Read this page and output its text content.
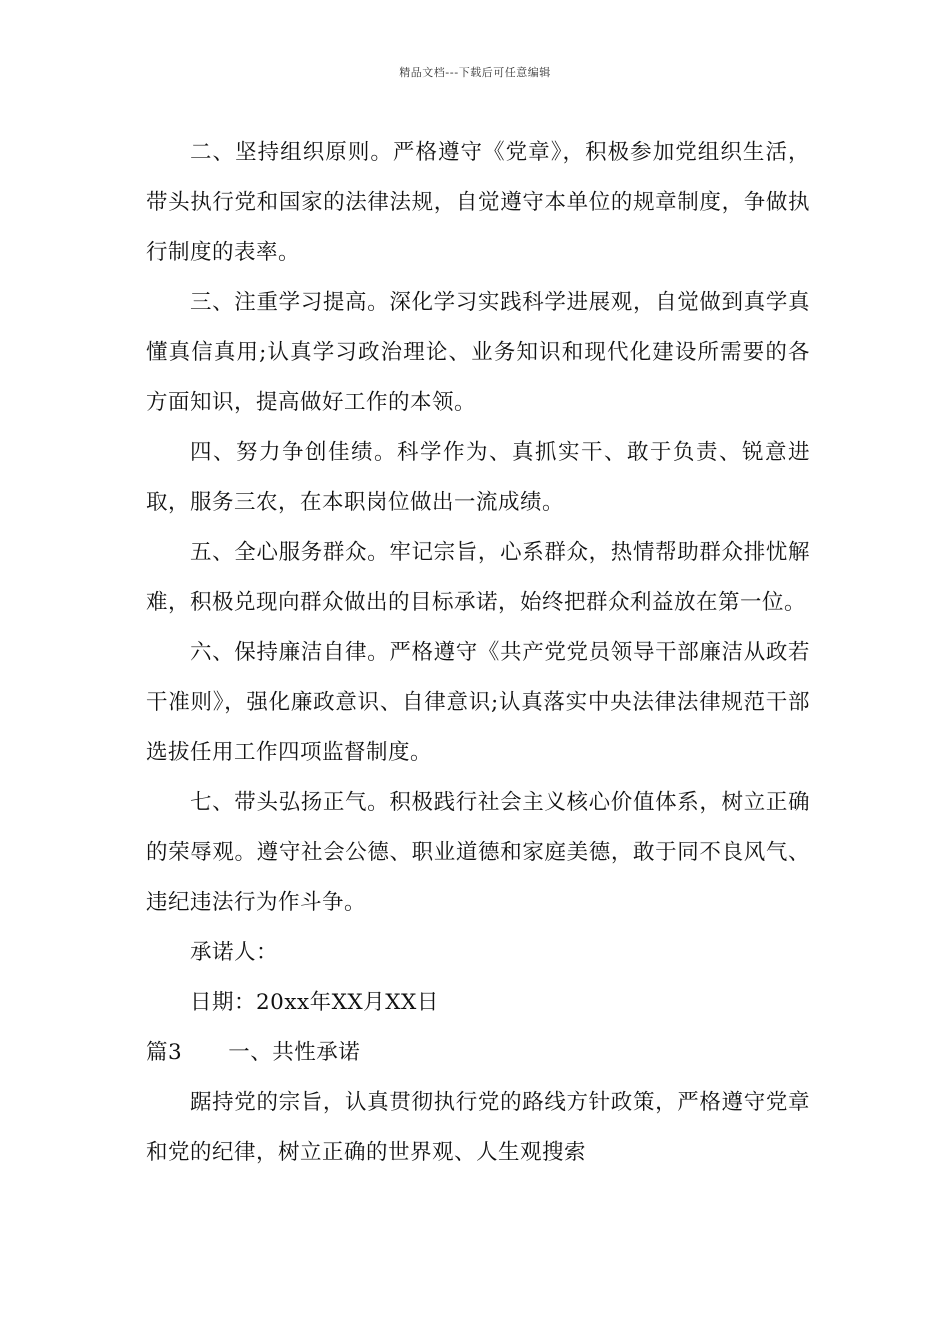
精品文档---下载后可任意编辑

二、坚持组织原则。严格遵守《党章》，积极参加党组织生活，带头执行党和国家的法律法规，自觉遵守本单位的规章制度，争做执行制度的表率。

三、注重学习提高。深化学习实践科学进展观，自觉做到真学真懂真信真用;认真学习政治理论、业务知识和现代化建设所需要的各方面知识，提高做好工作的本领。

四、努力争创佳绩。科学作为、真抓实干、敢于负责、锐意进取，服务三农，在本职岗位做出一流成绩。

五、全心服务群众。牢记宗旨，心系群众，热情帮助群众排忧解难，积极兑现向群众做出的目标承诺，始终把群众利益放在第一位。

六、保持廉洁自律。严格遵守《共产党党员领导干部廉洁从政若干准则》，强化廉政意识、自律意识;认真落实中央法律法律规范干部选拔任用工作四项监督制度。

七、带头弘扬正气。积极践行社会主义核心价值体系，树立正确的荣辱观。遵守社会公德、职业道德和家庭美德，敢于同不良风气、违纪违法行为作斗争。

承诺人：

日期：20xx年XX月XX日

篇3 一、共性承诺

踞持党的宗旨，认真贯彻执行党的路线方针政策，严格遵守党章和党的纪律，树立正确的世界观、人生观搜索
